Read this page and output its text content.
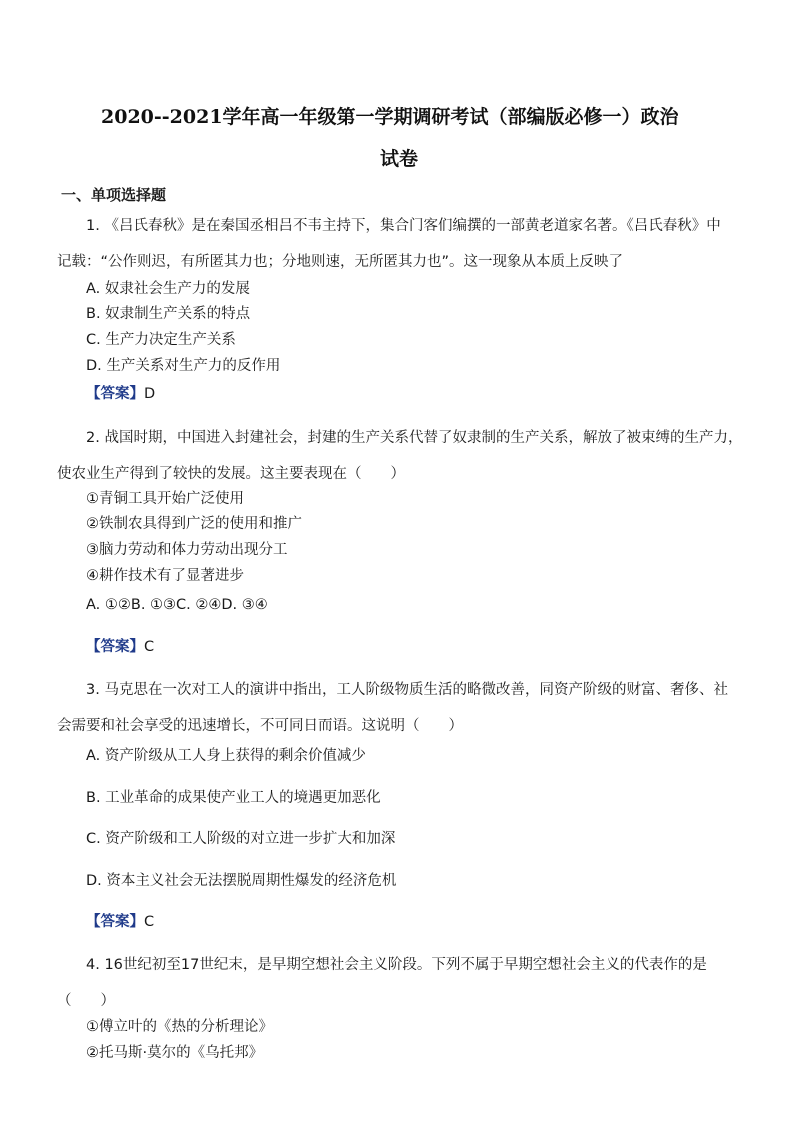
2020--2021学年高一年级第一学期调研考试（部编版必修一）政治
试卷
一、单项选择题
1. 《吕氏春秋》是在秦国丞相吕不韦主持下，集合门客们编撰的一部黄老道家名著。《吕氏春秋》中
记载：“公作则迟，有所匿其力也；分地则速，无所匿其力也”。这一现象从本质上反映了
A. 奴隶社会生产力的发展
B. 奴隶制生产关系的特点
C. 生产力决定生产关系
D. 生产关系对生产力的反作用
【答案】D
2. 战国时期，中国进入封建社会，封建的生产关系代替了奴隶制的生产关系，解放了被束缚的生产力，
使农业生产得到了较快的发展。这主要表现在（　　）
①青铜工具开始广泛使用
②铁制农具得到广泛的使用和推广
③脑力劳动和体力劳动出现分工
④耕作技术有了显著进步
A. ①②B. ①③C. ②④D. ③④
【答案】C
3. 马克思在一次对工人的演讲中指出，工人阶级物质生活的略微改善，同资产阶级的财富、奢侈、社
会需要和社会享受的迅速增长，不可同日而语。这说明（　　）
A. 资产阶级从工人身上获得的剩余价值减少
B. 工业革命的成果使产业工人的境遇更加恶化
C. 资产阶级和工人阶级的对立进一步扩大和加深
D. 资本主义社会无法摆脱周期性爆发的经济危机
【答案】C
4. 16世纪初至17世纪末，是早期空想社会主义阶段。下列不属于早期空想社会主义的代表作的是
（　　）
①傅立叶的《热的分析理论》
②托马斯·莫尔的《乌托邦》
